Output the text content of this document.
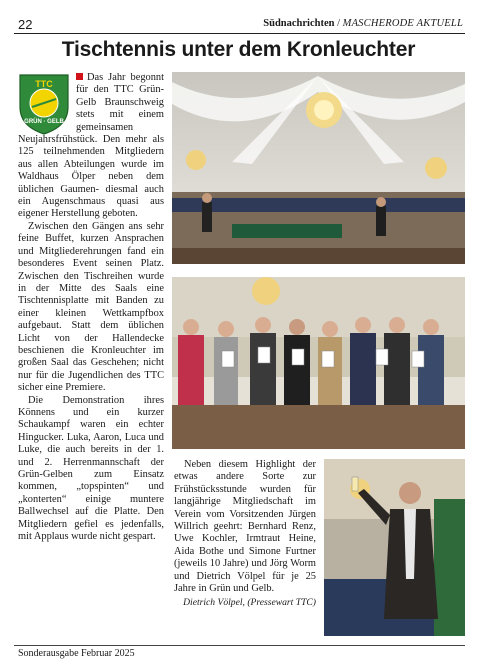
22	Südnachrichten / MASCHERODE AKTUELL
Tischtennis unter dem Kronleuchter
TTC
GRÜN · GELB

Das Jahr begonnt für den TTC Grün-Gelb Braunschweig stets mit einem gemeinsamen Neujahrsfrühstück. Den mehr als 125 teilnehmenden Mitgliedern aus allen Abteilungen wurde im Waldhaus Ölper neben dem üblichen Gaumen- diesmal auch ein Augenschmaus quasi aus eigener Herstellung geboten.

Zwischen den Gängen ans sehr feine Buffet, kurzen Ansprachen und Mitgliederehrungen fand ein besonderes Event seinen Platz. Zwischen den Tischreihen wurde in der Mitte des Saals eine Tischtennisplatte mit Banden zu einer kleinen Wettkampfbox aufgebaut. Statt dem üblichen Licht von der Hallendecke beschienen die Kronleuchter im großen Saal das Geschehen; nicht nur für die Jugendlichen des TTC sicher eine Premiere.

Die Demonstration ihres Könnens und ein kurzer Schaukampf waren ein echter Hingucker. Luka, Aaron, Luca und Luke, die auch bereits in der 1. und 2. Herrenmannschaft der Grün-Gelben zum Einsatz kommen, „topspinten“ und „konterten“ einige muntere Ballwechsel auf die Platte. Den Mitgliedern gefiel es jedenfalls, mit Applaus wurde nicht gespart.

Neben diesem Highlight der etwas andere Sorte zur Frühstücksstunde wurden für langjährige Mitgliedschaft im Verein vom Vorsitzenden Jürgen Willrich geehrt: Bernhard Renz, Uwe Kochler, Irmtraut Heine, Aida Bothe und Simone Furtner (jeweils 10 Jahre) und Jörg Worm und Dietrich Völpel für je 25 Jahre in Grün und Gelb.

Dietrich Völpel, (Pressewart TTC)
Sonderausgabe Februar 2025
